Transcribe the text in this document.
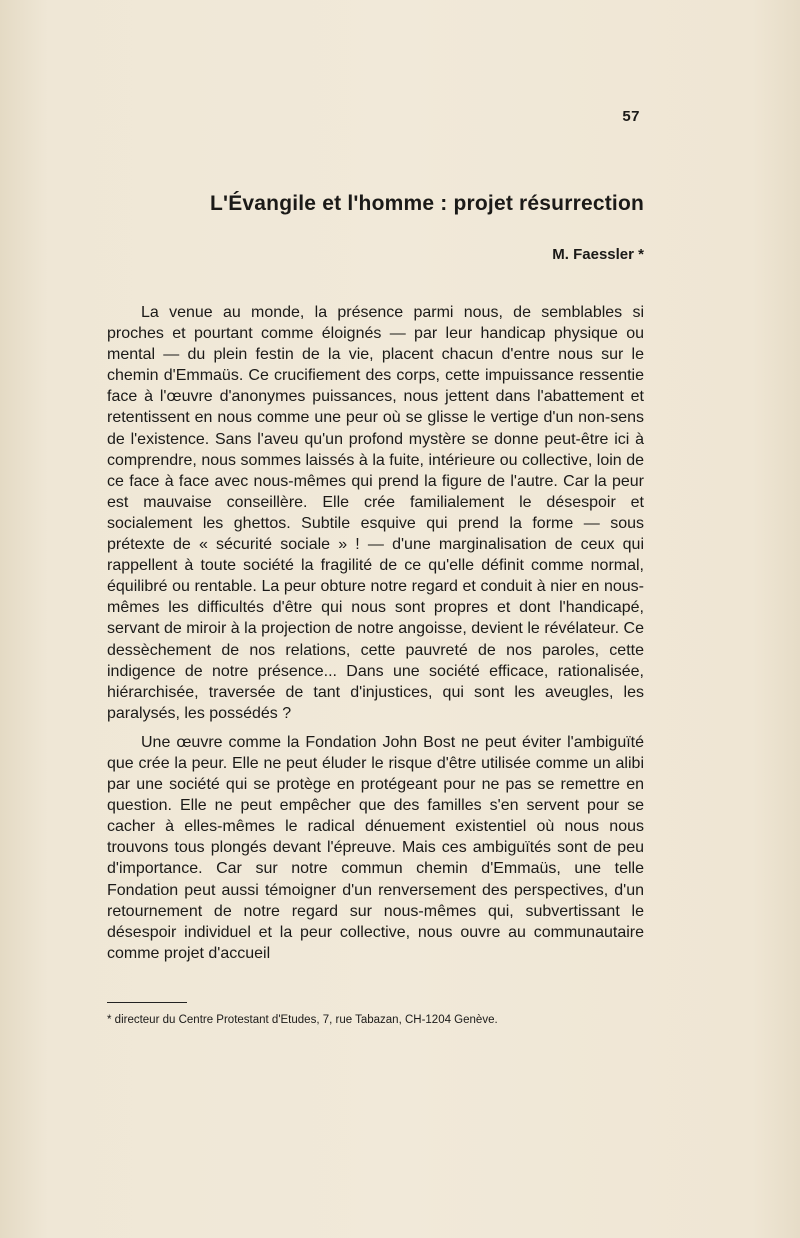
57
L'Évangile et l'homme : projet résurrection
M. Faessler *

La venue au monde, la présence parmi nous, de semblables si proches et pourtant comme éloignés — par leur handicap physique ou mental — du plein festin de la vie, placent chacun d'entre nous sur le chemin d'Emmaüs. Ce crucifiement des corps, cette impuissance ressentie face à l'œuvre d'anonymes puissances, nous jettent dans l'abattement et retentissent en nous comme une peur où se glisse le vertige d'un non-sens de l'existence. Sans l'aveu qu'un profond mystère se donne peut-être ici à comprendre, nous sommes laissés à la fuite, intérieure ou collective, loin de ce face à face avec nous-mêmes qui prend la figure de l'autre. Car la peur est mauvaise conseillère. Elle crée familialement le désespoir et socialement les ghettos. Subtile esquive qui prend la forme — sous prétexte de « sécurité sociale » ! — d'une marginalisation de ceux qui rappellent à toute société la fragilité de ce qu'elle définit comme normal, équilibré ou rentable. La peur obture notre regard et conduit à nier en nous-mêmes les difficultés d'être qui nous sont propres et dont l'handicapé, servant de miroir à la projection de notre angoisse, devient le révélateur. Ce dessèchement de nos relations, cette pauvreté de nos paroles, cette indigence de notre présence... Dans une société efficace, rationalisée, hiérarchisée, traversée de tant d'injustices, qui sont les aveugles, les paralysés, les possédés ?

Une œuvre comme la Fondation John Bost ne peut éviter l'ambiguïté que crée la peur. Elle ne peut éluder le risque d'être utilisée comme un alibi par une société qui se protège en protégeant pour ne pas se remettre en question. Elle ne peut empêcher que des familles s'en servent pour se cacher à elles-mêmes le radical dénuement existentiel où nous nous trouvons tous plongés devant l'épreuve. Mais ces ambiguïtés sont de peu d'importance. Car sur notre commun chemin d'Emmaüs, une telle Fondation peut aussi témoigner d'un renversement des perspectives, d'un retournement de notre regard sur nous-mêmes qui, subvertissant le désespoir individuel et la peur collective, nous ouvre au communautaire comme projet d'accueil

* directeur du Centre Protestant d'Etudes, 7, rue Tabazan, CH-1204 Genève.
